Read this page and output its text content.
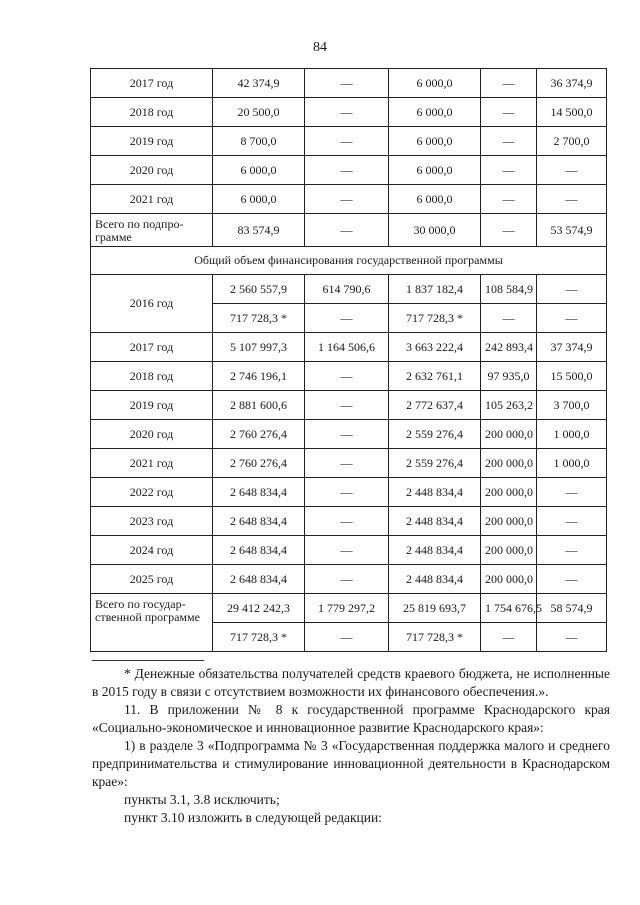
84
2017 год	42 374,9	—	6 000,0	—	36 374,9
2018 год	20 500,0	—	6 000,0	—	14 500,0
2019 год	8 700,0	—	6 000,0	—	2 700,0
2020 год	6 000,0	—	6 000,0	—	—
2021 год	6 000,0	—	6 000,0	—	—
Всего по подпро-
грамме	83 574,9	—	30 000,0	—	53 574,9
Общий объем финансирования государственной программы					
2016 год	2 560 557,9	614 790,6	1 837 182,4	108 584,9	—
	717 728,3 *	—	717 728,3 *	—	—
2017 год	5 107 997,3	1 164 506,6	3 663 222,4	242 893,4	37 374,9
2018 год	2 746 196,1	—	2 632 761,1	97 935,0	15 500,0
2019 год	2 881 600,6	—	2 772 637,4	105 263,2	3 700,0
2020 год	2 760 276,4	—	2 559 276,4	200 000,0	1 000,0
2021 год	2 760 276,4	—	2 559 276,4	200 000,0	1 000,0
2022 год	2 648 834,4	—	2 448 834,4	200 000,0	—
2023 год	2 648 834,4	—	2 448 834,4	200 000,0	—
2024 год	2 648 834,4	—	2 448 834,4	200 000,0	—
2025 год	2 648 834,4	—	2 448 834,4	200 000,0	—
Всего по государ-
ственной программе	29 412 242,3	1 779 297,2	25 819 693,7	1 754 676,5	58 574,9
	717 728,3 *	—	717 728,3 *	—	—

* Денежные обязательства получателей средств краевого бюджета, не исполненные в 2015 году в связи с отсутствием возможности их финансового обеспечения.».

11. В приложении № 8 к государственной программе Краснодарского края «Социально-экономическое и инновационное развитие Краснодарского края»:

1) в разделе 3 «Подпрограмма № 3 «Государственная поддержка малого и среднего предпринимательства и стимулирование инновационной деятельности в Краснодарском крае»:

пункты 3.1, 3.8 исключить;

пункт 3.10 изложить в следующей редакции:
